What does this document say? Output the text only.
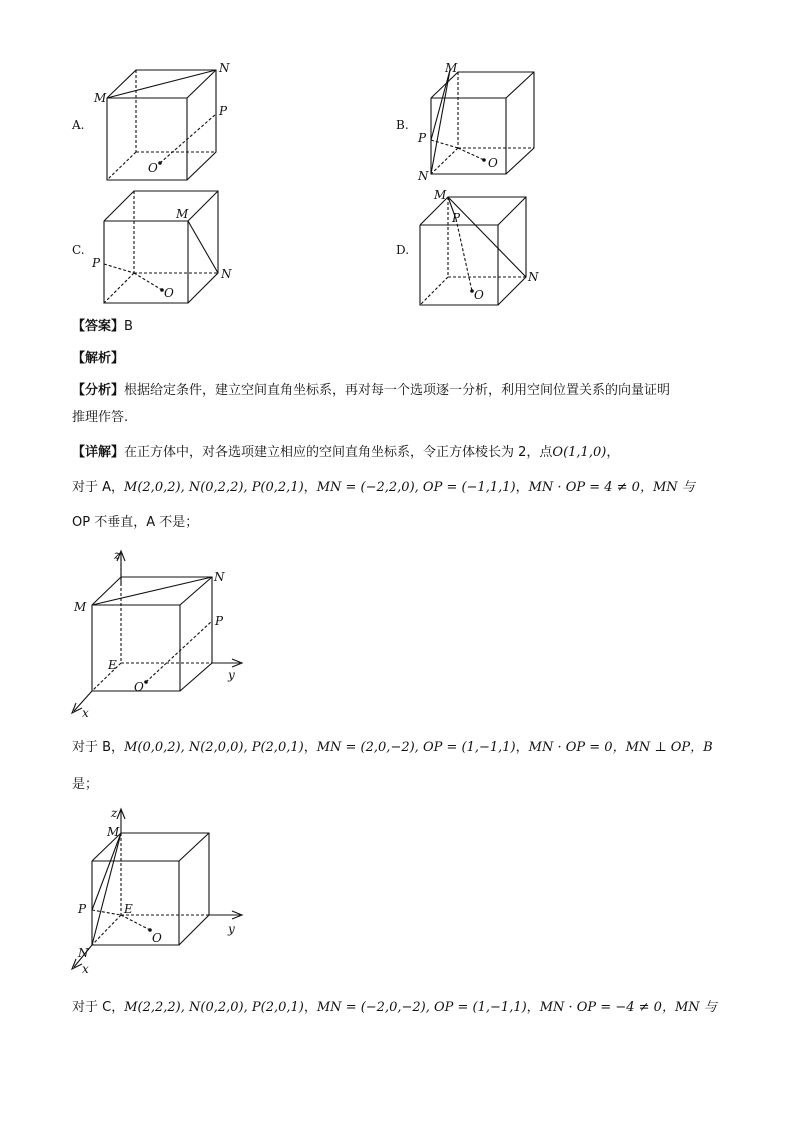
A.
M
N
P
O
B.
M
N
P
O
C.
M
N
P
O
D.
M
N
P
O
【答案】B
【解析】
【分析】根据给定条件，建立空间直角坐标系，再对每一个选项逐一分析，利用空间位置关系的向量证明
推理作答.
【详解】在正方体中，对各选项建立相应的空间直角坐标系，令正方体棱长为 2，点O(1,1,0)，
对于 A，M(2,0,2), N(0,2,2), P(0,2,1)，MN = (−2,2,0), OP = (−1,1,1)，MN · OP = 4 ≠ 0，MN 与
OP 不垂直，A 不是；
z
y
x
E
M
N
P
O
对于 B，M(0,0,2), N(2,0,0), P(2,0,1)，MN = (2,0,−2), OP = (1,−1,1)，MN · OP = 0，MN ⊥ OP，B
是；
z
y
x
E
M
N
P
O
对于 C，M(2,2,2), N(0,2,0), P(2,0,1)，MN = (−2,0,−2), OP = (1,−1,1)，MN · OP = −4 ≠ 0，MN 与
